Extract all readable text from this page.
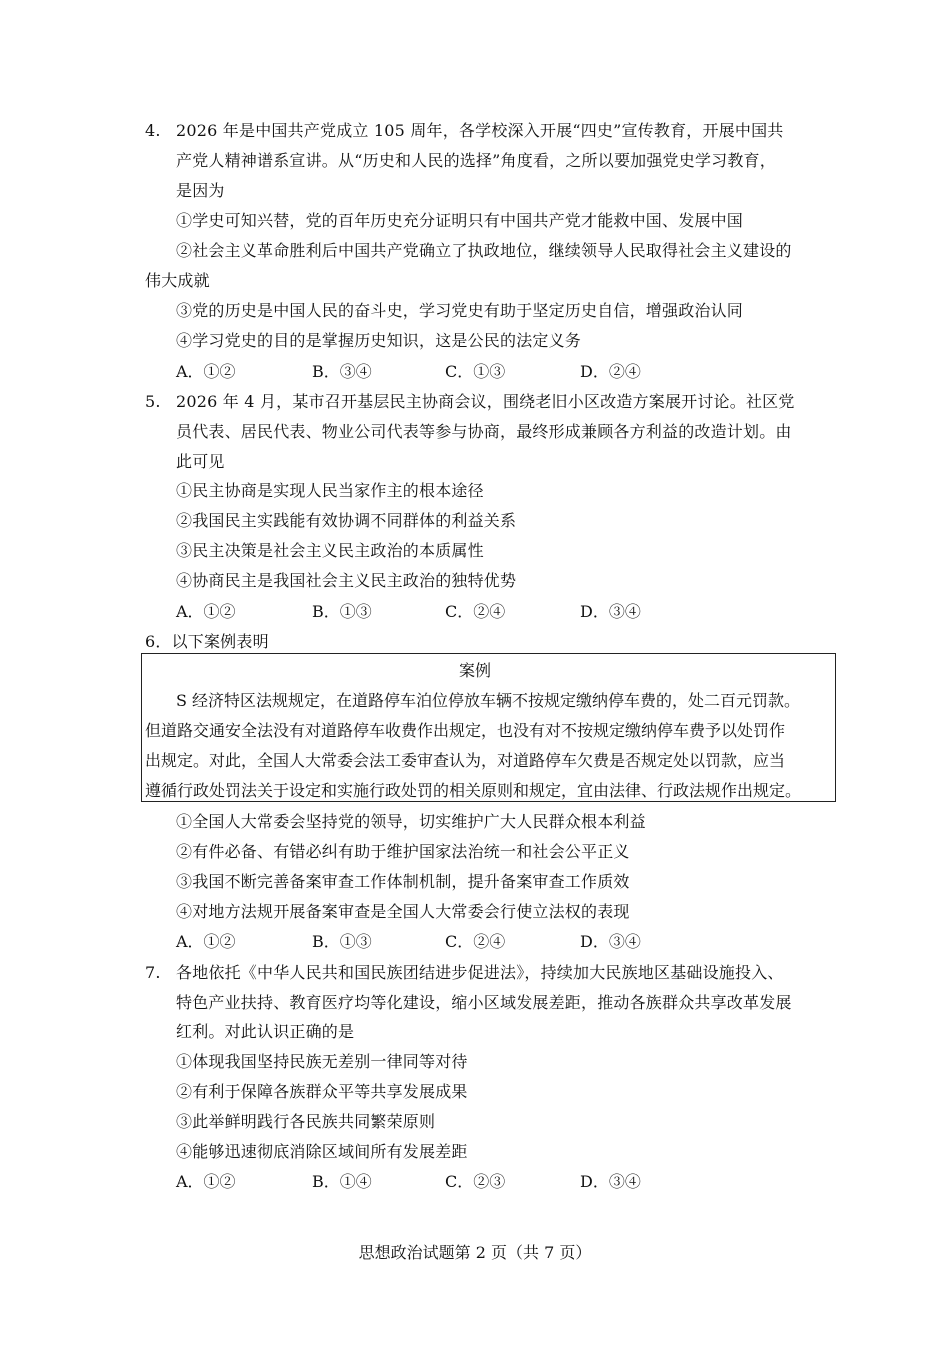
4. 2026 年是中国共产党成立 105 周年，各学校深入开展“四史”宣传教育，开展中国共
产党人精神谱系宣讲。从“历史和人民的选择”角度看，之所以要加强党史学习教育，
是因为
①学史可知兴替，党的百年历史充分证明只有中国共产党才能救中国、发展中国
②社会主义革命胜利后中国共产党确立了执政地位，继续领导人民取得社会主义建设的
伟大成就
③党的历史是中国人民的奋斗史，学习党史有助于坚定历史自信，增强政治认同
④学习党史的目的是掌握历史知识，这是公民的法定义务
A．①②	B．③④	C．①③	D．②④
5. 2026 年 4 月，某市召开基层民主协商会议，围绕老旧小区改造方案展开讨论。社区党
员代表、居民代表、物业公司代表等参与协商，最终形成兼顾各方利益的改造计划。由
此可见
①民主协商是实现人民当家作主的根本途径
②我国民主实践能有效协调不同群体的利益关系
③民主决策是社会主义民主政治的本质属性
④协商民主是我国社会主义民主政治的独特优势
A．①②	B．①③	C．②④	D．③④
6．以下案例表明
案例
S 经济特区法规规定，在道路停车泊位停放车辆不按规定缴纳停车费的，处二百元罚款。
但道路交通安全法没有对道路停车收费作出规定，也没有对不按规定缴纳停车费予以处罚作
出规定。对此，全国人大常委会法工委审查认为，对道路停车欠费是否规定处以罚款，应当
遵循行政处罚法关于设定和实施行政处罚的相关原则和规定，宜由法律、行政法规作出规定。
①全国人大常委会坚持党的领导，切实维护广大人民群众根本利益
②有件必备、有错必纠有助于维护国家法治统一和社会公平正义
③我国不断完善备案审查工作体制机制，提升备案审查工作质效
④对地方法规开展备案审查是全国人大常委会行使立法权的表现
A．①②	B．①③	C．②④	D．③④
7. 各地依托《中华人民共和国民族团结进步促进法》，持续加大民族地区基础设施投入、
特色产业扶持、教育医疗均等化建设，缩小区域发展差距，推动各族群众共享改革发展
红利。对此认识正确的是
①体现我国坚持民族无差别一律同等对待
②有利于保障各族群众平等共享发展成果
③此举鲜明践行各民族共同繁荣原则
④能够迅速彻底消除区域间所有发展差距
A．①②	B．①④	C．②③	D．③④
思想政治试题第 2 页（共 7 页）
